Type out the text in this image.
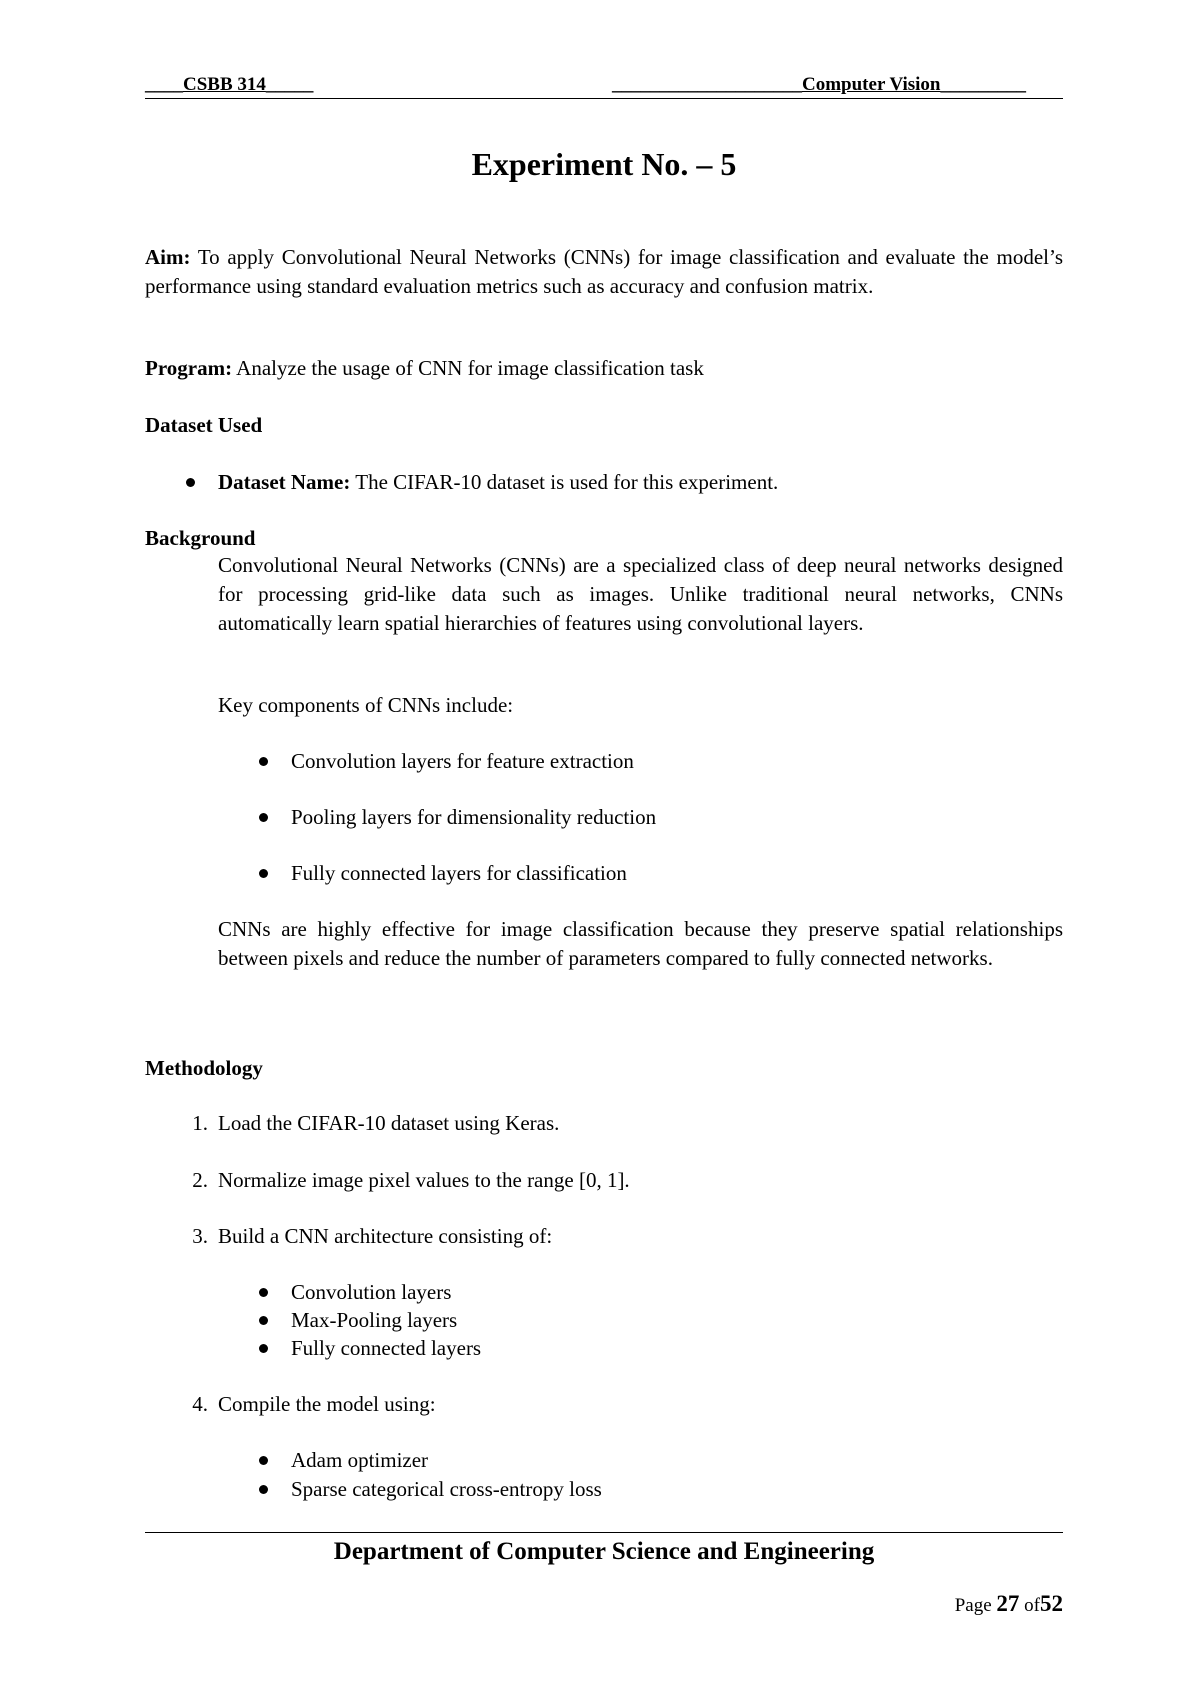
____CSBB 314_____	____________________Computer Vision_________
Experiment No. – 5
Aim: To apply Convolutional Neural Networks (CNNs) for image classification and evaluate the model’s performance using standard evaluation metrics such as accuracy and confusion matrix.
Program: Analyze the usage of CNN for image classification task
Dataset Used
Dataset Name: The CIFAR-10 dataset is used for this experiment.
Background
Convolutional Neural Networks (CNNs) are a specialized class of deep neural networks designed for processing grid-like data such as images. Unlike traditional neural networks, CNNs automatically learn spatial hierarchies of features using convolutional layers.
Key components of CNNs include:
Convolution layers for feature extraction
Pooling layers for dimensionality reduction
Fully connected layers for classification
CNNs are highly effective for image classification because they preserve spatial relationships between pixels and reduce the number of parameters compared to fully connected networks.
Methodology
1. Load the CIFAR-10 dataset using Keras.
2. Normalize image pixel values to the range [0, 1].
3. Build a CNN architecture consisting of:
Convolution layers
Max-Pooling layers
Fully connected layers
4. Compile the model using:
Adam optimizer
Sparse categorical cross-entropy loss
Department of Computer Science and Engineering
Page 27 of52
